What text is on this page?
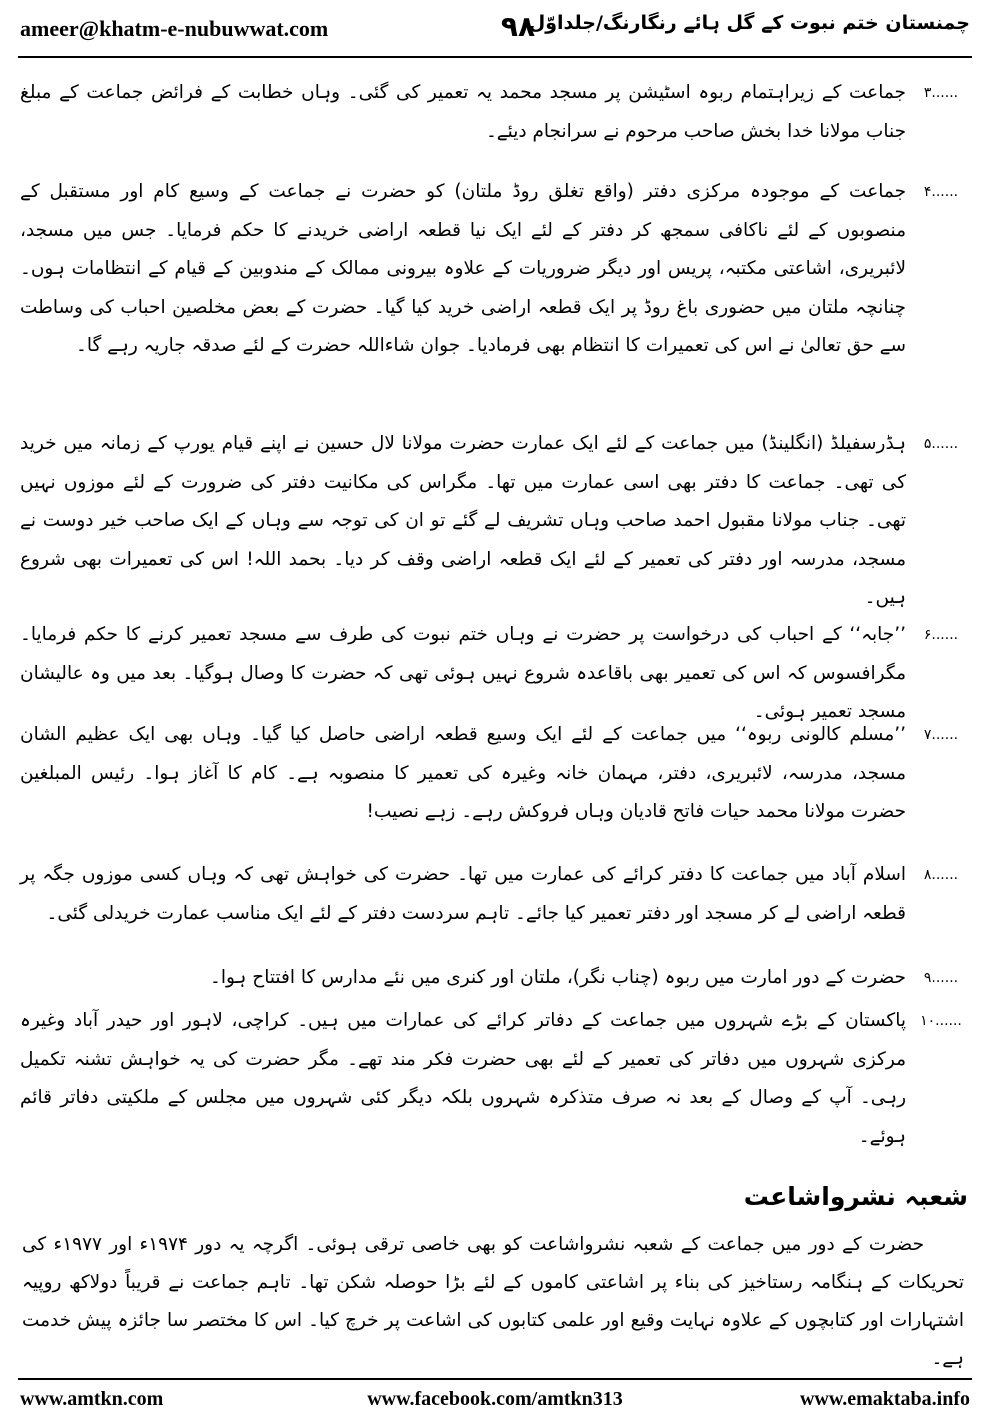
ameer@khatm-e-nubuwwat.com	۹۸
چمنستان ختم نبوت کے گل ہائے رنگارنگ/جلداوّل
۳......
جماعت کے زیراہتمام ربوہ اسٹیشن پر مسجد محمد یہ تعمیر کی گئی۔ وہاں خطابت کے فرائض جماعت کے مبلغ جناب مولانا خدا بخش صاحب مرحوم نے سرانجام دیئے۔
۴......
جماعت کے موجودہ مرکزی دفتر (واقع تغلق روڈ ملتان) کو حضرت نے جماعت کے وسیع کام اور مستقبل کے منصوبوں کے لئے ناکافی سمجھ کر دفتر کے لئے ایک نیا قطعہ اراضی خریدنے کا حکم فرمایا۔ جس میں مسجد، لائبریری، اشاعتی مکتبہ، پریس اور دیگر ضروریات کے علاوہ بیرونی ممالک کے مندوبین کے قیام کے انتظامات ہوں۔ چنانچہ ملتان میں حضوری باغ روڈ پر ایک قطعہ اراضی خرید کیا گیا۔ حضرت کے بعض مخلصین احباب کی وساطت سے حق تعالیٰ نے اس کی تعمیرات کا انتظام بھی فرمادیا۔ جوان شاءاللہ حضرت کے لئے صدقہ جاریہ رہے گا۔
۵......
ہڈرسفیلڈ (انگلینڈ) میں جماعت کے لئے ایک عمارت حضرت مولانا لال حسین نے اپنے قیام یورپ کے زمانہ میں خرید کی تھی۔ جماعت کا دفتر بھی اسی عمارت میں تھا۔ مگراس کی مکانیت دفتر کی ضرورت کے لئے موزوں نہیں تھی۔ جناب مولانا مقبول احمد صاحب وہاں تشریف لے گئے تو ان کی توجہ سے وہاں کے ایک صاحب خیر دوست نے مسجد، مدرسہ اور دفتر کی تعمیر کے لئے ایک قطعہ اراضی وقف کر دیا۔ بحمد اللہ! اس کی تعمیرات بھی شروع ہیں۔
۶......
’’جابہ‘‘ کے احباب کی درخواست پر حضرت نے وہاں ختم نبوت کی طرف سے مسجد تعمیر کرنے کا حکم فرمایا۔ مگرافسوس کہ اس کی تعمیر بھی باقاعدہ شروع نہیں ہوئی تھی کہ حضرت کا وصال ہوگیا۔ بعد میں وہ عالیشان مسجد تعمیر ہوئی۔
۷......
’’مسلم کالونی ربوہ‘‘ میں جماعت کے لئے ایک وسیع قطعہ اراضی حاصل کیا گیا۔ وہاں بھی ایک عظیم الشان مسجد، مدرسہ، لائبریری، دفتر، مہمان خانہ وغیرہ کی تعمیر کا منصوبہ ہے۔ کام کا آغاز ہوا۔ رئیس المبلغین حضرت مولانا محمد حیات فاتح قادیان وہاں فروکش رہے۔ زہے نصیب!
۸......
اسلام آباد میں جماعت کا دفتر کرائے کی عمارت میں تھا۔ حضرت کی خواہش تھی کہ وہاں کسی موزوں جگہ پر قطعہ اراضی لے کر مسجد اور دفتر تعمیر کیا جائے۔ تاہم سردست دفتر کے لئے ایک مناسب عمارت خریدلی گئی۔
۹......
حضرت کے دور امارت میں ربوہ (چناب نگر)، ملتان اور کنری میں نئے مدارس کا افتتاح ہوا۔
۱۰......
پاکستان کے بڑے شہروں میں جماعت کے دفاتر کرائے کی عمارات میں ہیں۔ کراچی، لاہور اور حیدر آباد وغیرہ مرکزی شہروں میں دفاتر کی تعمیر کے لئے بھی حضرت فکر مند تھے۔ مگر حضرت کی یہ خواہش تشنہ تکمیل رہی۔ آپ کے وصال کے بعد نہ صرف متذکرہ شہروں بلکہ دیگر کئی شہروں میں مجلس کے ملکیتی دفاتر قائم ہوئے۔
شعبہ نشرواشاعت
حضرت کے دور میں جماعت کے شعبہ نشرواشاعت کو بھی خاصی ترقی ہوئی۔ اگرچہ یہ دور ۱۹۷۴ء اور ۱۹۷۷ء کی تحریکات کے ہنگامہ رستاخیز کی بناء پر اشاعتی کاموں کے لئے بڑا حوصلہ شکن تھا۔ تاہم جماعت نے قریباً دولاکھ روپیہ اشتہارات اور کتابچوں کے علاوہ نہایت وقیع اور علمی کتابوں کی اشاعت پر خرچ کیا۔ اس کا مختصر سا جائزہ پیش خدمت ہے۔
www.amtkn.com	www.facebook.com/amtkn313	www.emaktaba.info
